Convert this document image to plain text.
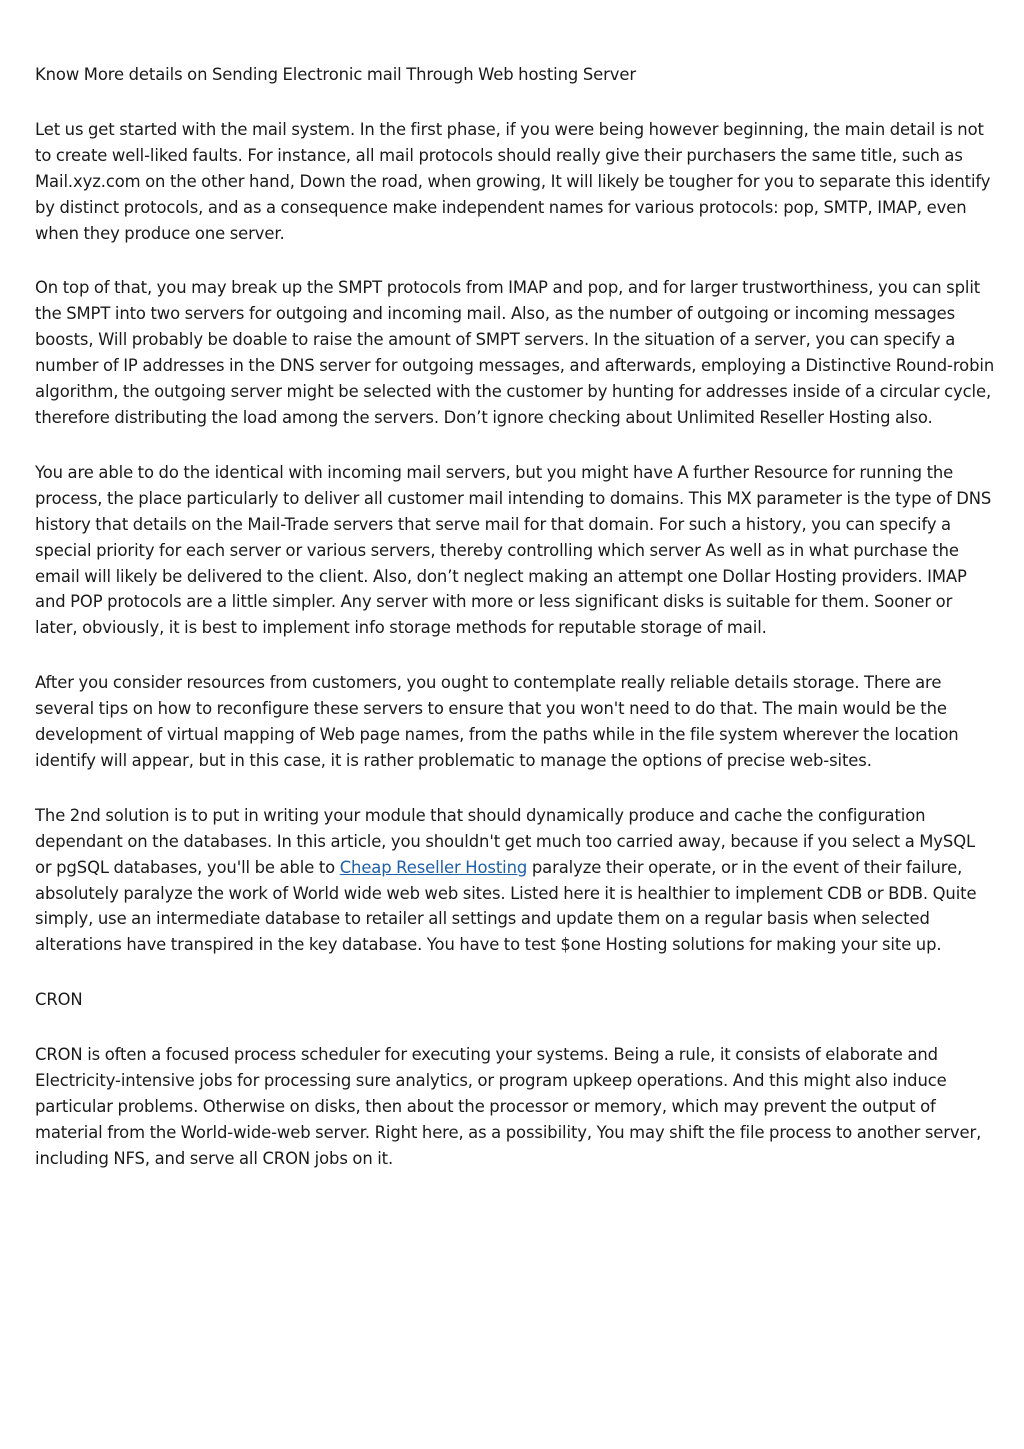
Know More details on Sending Electronic mail Through Web hosting Server

Let us get started with the mail system. In the first phase, if you were being however beginning, the main detail is not to create well-liked faults. For instance, all mail protocols should really give their purchasers the same title, such as Mail.xyz.com on the other hand, Down the road, when growing, It will likely be tougher for you to separate this identify by distinct protocols, and as a consequence make independent names for various protocols: pop, SMTP, IMAP, even when they produce one server.

On top of that, you may break up the SMPT protocols from IMAP and pop, and for larger trustworthiness, you can split the SMPT into two servers for outgoing and incoming mail. Also, as the number of outgoing or incoming messages boosts, Will probably be doable to raise the amount of SMPT servers. In the situation of a server, you can specify a number of IP addresses in the DNS server for outgoing messages, and afterwards, employing a Distinctive Round-robin algorithm, the outgoing server might be selected with the customer by hunting for addresses inside of a circular cycle, therefore distributing the load among the servers. Don’t ignore checking about Unlimited Reseller Hosting also.

You are able to do the identical with incoming mail servers, but you might have A further Resource for running the process, the place particularly to deliver all customer mail intending to domains. This MX parameter is the type of DNS history that details on the Mail-Trade servers that serve mail for that domain. For such a history, you can specify a special priority for each server or various servers, thereby controlling which server As well as in what purchase the email will likely be delivered to the client. Also, don’t neglect making an attempt one Dollar Hosting providers. IMAP and POP protocols are a little simpler. Any server with more or less significant disks is suitable for them. Sooner or later, obviously, it is best to implement info storage methods for reputable storage of mail.

After you consider resources from customers, you ought to contemplate really reliable details storage. There are several tips on how to reconfigure these servers to ensure that you won't need to do that. The main would be the development of virtual mapping of Web page names, from the paths while in the file system wherever the location identify will appear, but in this case, it is rather problematic to manage the options of precise web-sites.

The 2nd solution is to put in writing your module that should dynamically produce and cache the configuration dependant on the databases. In this article, you shouldn't get much too carried away, because if you select a MySQL or pgSQL databases, you'll be able to Cheap Reseller Hosting paralyze their operate, or in the event of their failure, absolutely paralyze the work of World wide web web sites. Listed here it is healthier to implement CDB or BDB. Quite simply, use an intermediate database to retailer all settings and update them on a regular basis when selected alterations have transpired in the key database. You have to test $one Hosting solutions for making your site up.

CRON

CRON is often a focused process scheduler for executing your systems. Being a rule, it consists of elaborate and Electricity-intensive jobs for processing sure analytics, or program upkeep operations. And this might also induce particular problems. Otherwise on disks, then about the processor or memory, which may prevent the output of material from the World-wide-web server. Right here, as a possibility, You may shift the file process to another server, including NFS, and serve all CRON jobs on it.
